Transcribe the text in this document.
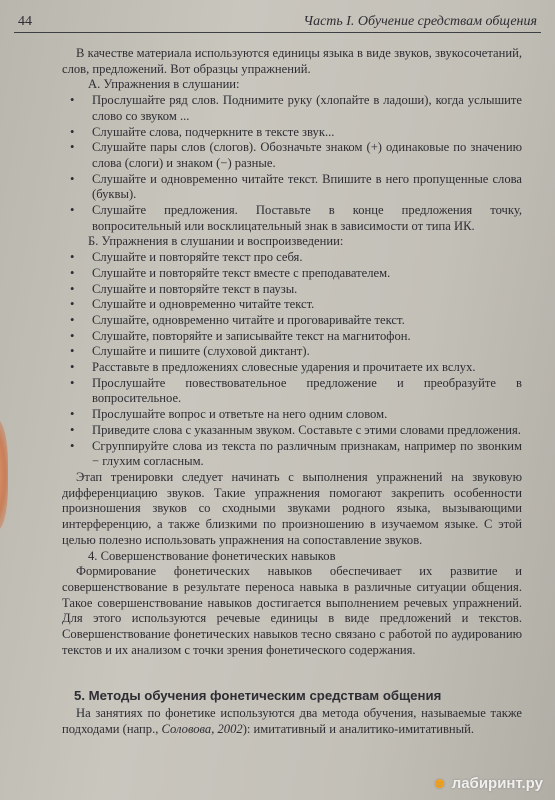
44	Часть I. Обучение средствам общения

В качестве материала используются единицы языка в виде звуков, звукосочетаний, слов, предложений. Вот образцы упражнений.

А. Упражнения в слушании:

• Прослушайте ряд слов. Поднимите руку (хлопайте в ладоши), когда услышите слово со звуком ...
• Слушайте слова, подчеркните в тексте звук...
• Слушайте пары слов (слогов). Обозначьте знаком (+) одинаковые по значению слова (слоги) и знаком (−) разные.
• Слушайте и одновременно читайте текст. Впишите в него пропущенные слова (буквы).
• Слушайте предложения. Поставьте в конце предложения точку, вопросительный или восклицательный знак в зависимости от типа ИК.

Б. Упражнения в слушании и воспроизведении:

• Слушайте и повторяйте текст про себя.
• Слушайте и повторяйте текст вместе с преподавателем.
• Слушайте и повторяйте текст в паузы.
• Слушайте и одновременно читайте текст.
• Слушайте, одновременно читайте и проговаривайте текст.
• Слушайте, повторяйте и записывайте текст на магнитофон.
• Слушайте и пишите (слуховой диктант).
• Расставьте в предложениях словесные ударения и прочитаете их вслух.
• Прослушайте повествовательное предложение и преобразуйте в вопросительное.
• Прослушайте вопрос и ответьте на него одним словом.
• Приведите слова с указанным звуком. Составьте с этими словами предложения.
• Сгруппируйте слова из текста по различным признакам, например по звонким − глухим согласным.

Этап тренировки следует начинать с выполнения упражнений на звуковую дифференциацию звуков. Такие упражнения помогают закрепить особенности произношения звуков со сходными звуками родного языка, вызывающими интерференцию, а также близкими по произношению в изучаемом языке. С этой целью полезно использовать упражнения на сопоставление звуков.

4. Совершенствование фонетических навыков

Формирование фонетических навыков обеспечивает их развитие и совершенствование в результате переноса навыка в различные ситуации общения. Такое совершенствование навыков достигается выполнением речевых упражнений. Для этого используются речевые единицы в виде предложений и текстов. Совершенствование фонетических навыков тесно связано с работой по аудированию текстов и их анализом с точки зрения фонетического содержания.

5. Методы обучения фонетическим средствам общения

На занятиях по фонетике используются два метода обучения, называемые также подходами (напр., Соловова, 2002): имитативный и аналитико-имитативный.

☻ лабиринт.ру
